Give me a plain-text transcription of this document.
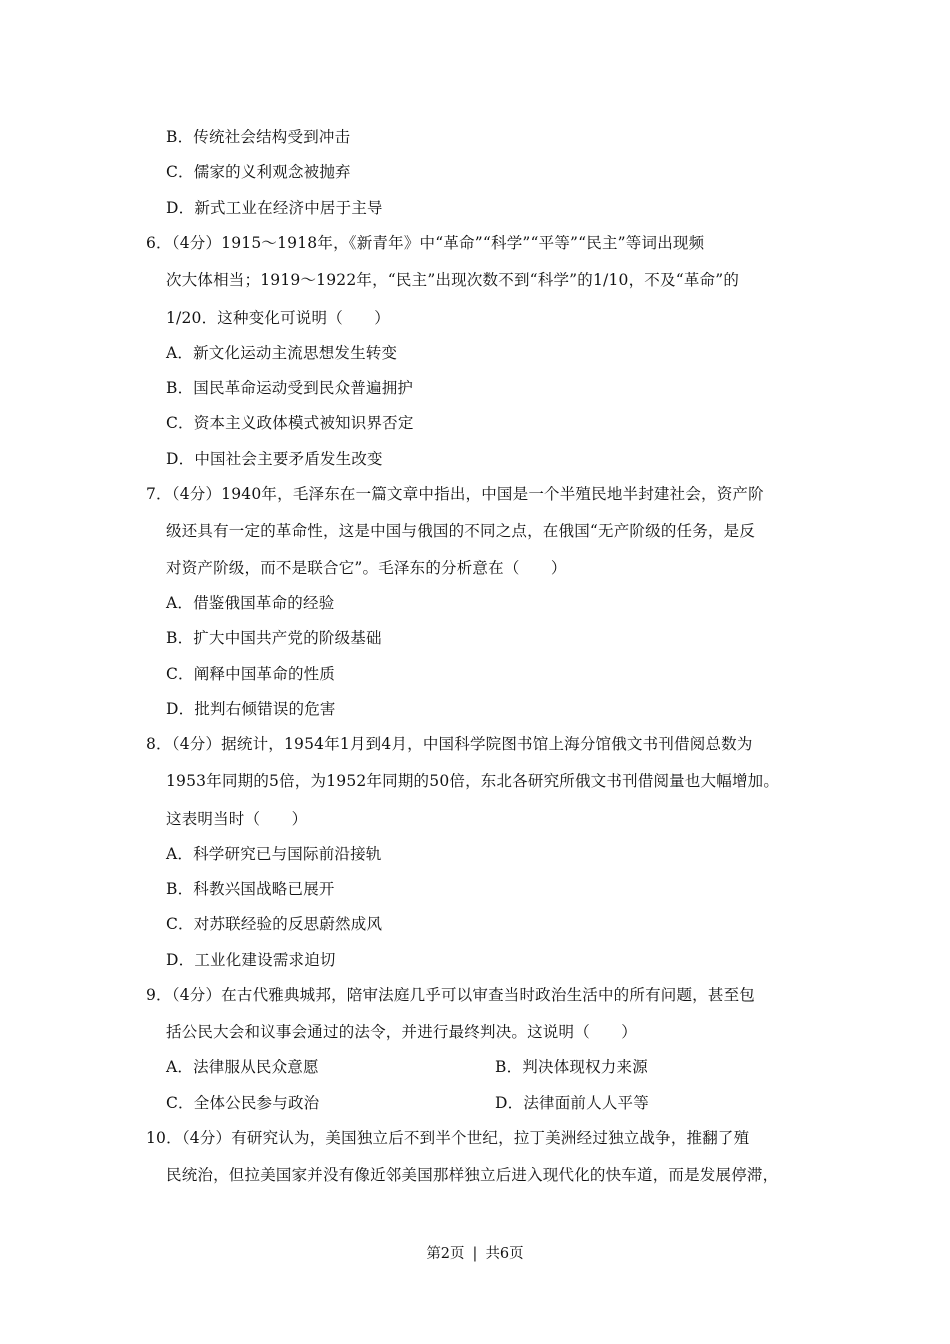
B．传统社会结构受到冲击
C．儒家的义利观念被抛弃
D．新式工业在经济中居于主导
6．（4分）1915～1918年，《新青年》中“革命”“科学”“平等”“民主”等词出现频
次大体相当；1919～1922年，“民主”出现次数不到“科学”的1/10，不及“革命”的
1/20．这种变化可说明（　　）
A．新文化运动主流思想发生转变
B．国民革命运动受到民众普遍拥护
C．资本主义政体模式被知识界否定
D．中国社会主要矛盾发生改变
7．（4分）1940年，毛泽东在一篇文章中指出，中国是一个半殖民地半封建社会，资产阶
级还具有一定的革命性，这是中国与俄国的不同之点，在俄国“无产阶级的任务，是反
对资产阶级，而不是联合它”。毛泽东的分析意在（　　）
A．借鉴俄国革命的经验
B．扩大中国共产党的阶级基础
C．阐释中国革命的性质
D．批判右倾错误的危害
8．（4分）据统计，1954年1月到4月，中国科学院图书馆上海分馆俄文书刊借阅总数为
1953年同期的5倍，为1952年同期的50倍，东北各研究所俄文书刊借阅量也大幅增加。
这表明当时（　　）
A．科学研究已与国际前沿接轨
B．科教兴国战略已展开
C．对苏联经验的反思蔚然成风
D．工业化建设需求迫切
9．（4分）在古代雅典城邦，陪审法庭几乎可以审查当时政治生活中的所有问题，甚至包
括公民大会和议事会通过的法令，并进行最终判决。这说明（　　）
A．法律服从民众意愿	B．判决体现权力来源
C．全体公民参与政治	D．法律面前人人平等
10．（4分）有研究认为，美国独立后不到半个世纪，拉丁美洲经过独立战争，推翻了殖
民统治，但拉美国家并没有像近邻美国那样独立后进入现代化的快车道，而是发展停滞，
第2页 | 共6页
